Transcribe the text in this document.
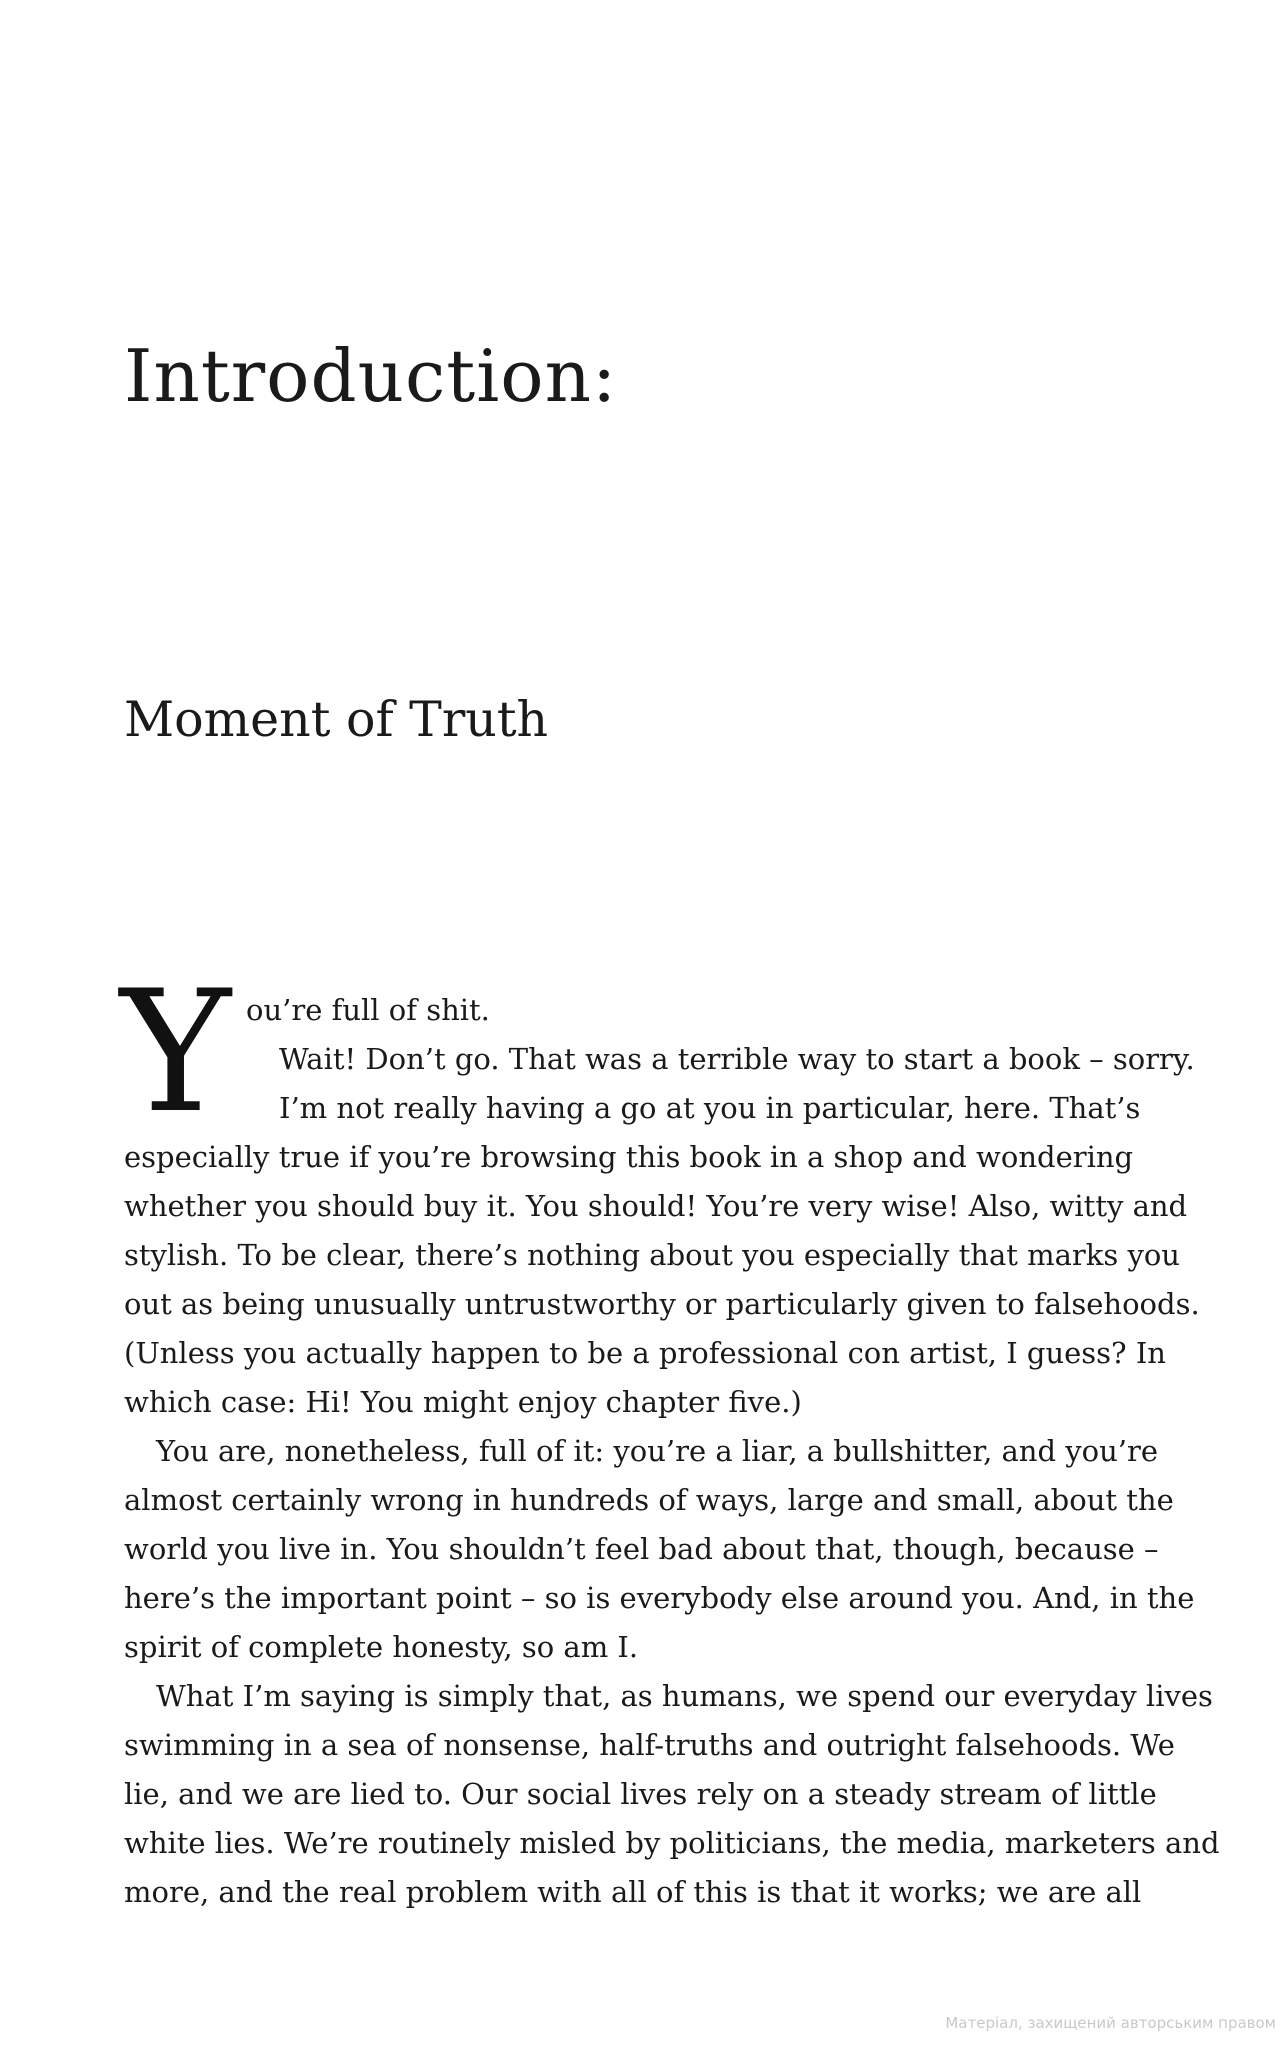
Introduction:
Moment of Truth
Y ou’re full of shit.
Wait! Don’t go. That was a terrible way to start a book – sorry.
I’m not really having a go at you in particular, here. That’s
especially true if you’re browsing this book in a shop and wondering
whether you should buy it. You should! You’re very wise! Also, witty and
stylish. To be clear, there’s nothing about you especially that marks you
out as being unusually untrustworthy or particularly given to falsehoods.
(Unless you actually happen to be a professional con artist, I guess? In
which case: Hi! You might enjoy chapter five.)
You are, nonetheless, full of it: you’re a liar, a bullshitter, and you’re
almost certainly wrong in hundreds of ways, large and small, about the
world you live in. You shouldn’t feel bad about that, though, because –
here’s the important point – so is everybody else around you. And, in the
spirit of complete honesty, so am I.
What I’m saying is simply that, as humans, we spend our everyday lives
swimming in a sea of nonsense, half-truths and outright falsehoods. We
lie, and we are lied to. Our social lives rely on a steady stream of little
white lies. We’re routinely misled by politicians, the media, marketers and
more, and the real problem with all of this is that it works; we are all
Матеріал, захищений авторським правом
